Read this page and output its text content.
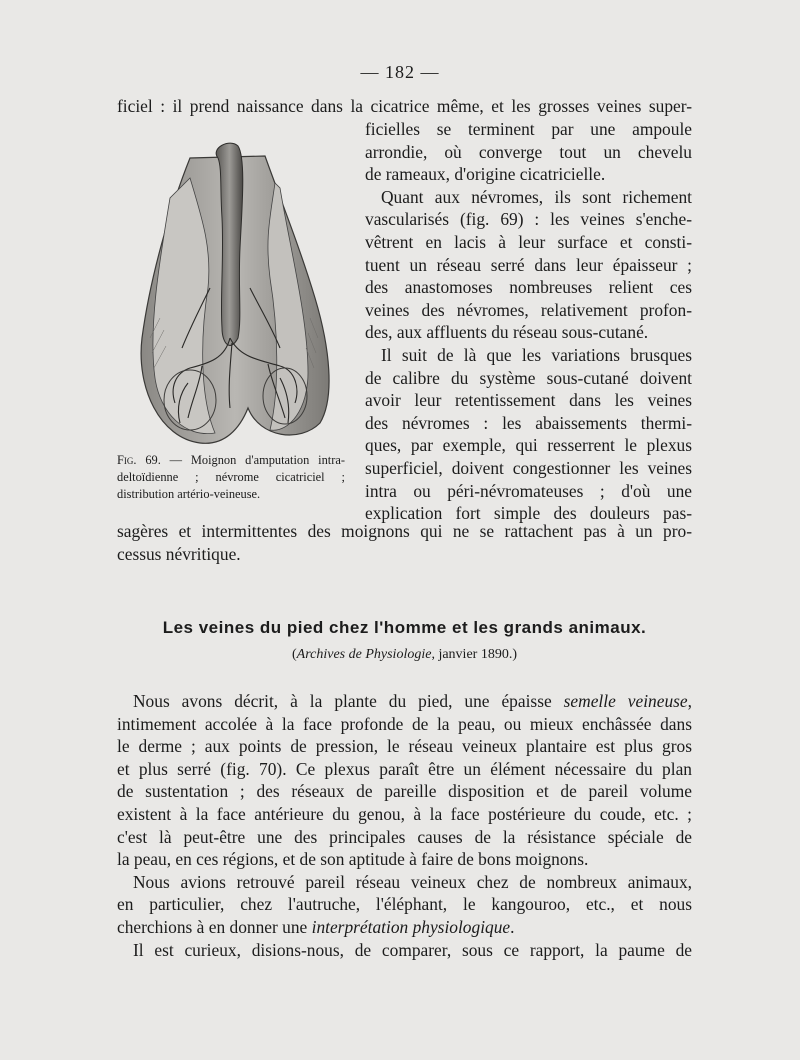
— 182 —
ficiel : il prend naissance dans la cicatrice même, et les grosses veines super-
Fig. 69. — Moignon d'amputation intra-deltoïdienne ; névrome cicatriciel ; distribution artério-veineuse.
ficielles se terminent par une ampoule
arrondie, où converge tout un chevelu
de rameaux, d'origine cicatricielle.
Quant aux névromes, ils sont richement
vascularisés (fig. 69) : les veines s'enche-
vêtrent en lacis à leur surface et consti-
tuent un réseau serré dans leur épaisseur ;
des anastomoses nombreuses relient ces
veines des névromes, relativement profon-
des, aux affluents du réseau sous-cutané.
Il suit de là que les variations brusques
de calibre du système sous-cutané doivent
avoir leur retentissement dans les veines
des névromes : les abaissements thermi-
ques, par exemple, qui resserrent le plexus
superficiel, doivent congestionner les veines
intra ou péri-névromateuses ; d'où une
explication fort simple des douleurs pas-
sagères et intermittentes des moignons qui ne se rattachent pas à un pro-
cessus névritique.
Les veines du pied chez l'homme et les grands animaux.
(Archives de Physiologie, janvier 1890.)
Nous avons décrit, à la plante du pied, une épaisse semelle veineuse,
intimement accolée à la face profonde de la peau, ou mieux enchâssée dans
le derme ; aux points de pression, le réseau veineux plantaire est plus gros
et plus serré (fig. 70). Ce plexus paraît être un élément nécessaire du plan
de sustentation ; des réseaux de pareille disposition et de pareil volume
existent à la face antérieure du genou, à la face postérieure du coude, etc. ;
c'est là peut-être une des principales causes de la résistance spéciale de
la peau, en ces régions, et de son aptitude à faire de bons moignons.
Nous avions retrouvé pareil réseau veineux chez de nombreux animaux,
en particulier, chez l'autruche, l'éléphant, le kangouroo, etc., et nous
cherchions à en donner une interprétation physiologique.
Il est curieux, disions-nous, de comparer, sous ce rapport, la paume de
